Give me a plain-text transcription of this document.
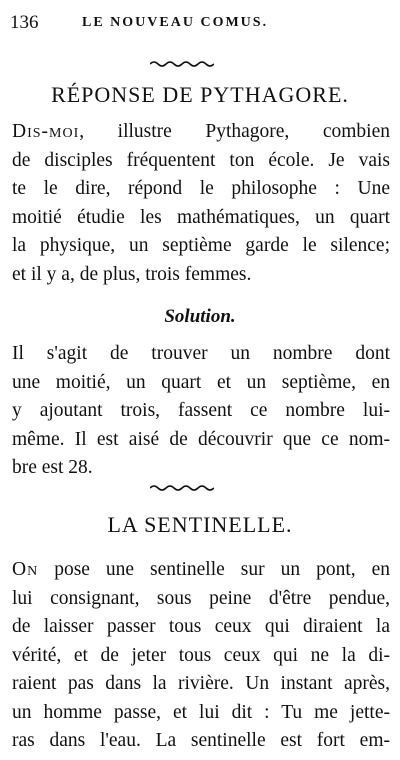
136	LE NOUVEAU COMUS.
RÉPONSE DE PYTHAGORE.
Dis-moi, illustre Pythagore, combien
de disciples fréquentent ton école. Je vais
te le dire, répond le philosophe : Une
moitié étudie les mathématiques, un quart
la physique, un septième garde le silence;
et il y a, de plus, trois femmes.
Solution.
Il s'agit de trouver un nombre dont
une moitié, un quart et un septième, en
y ajoutant trois, fassent ce nombre lui-
même. Il est aisé de découvrir que ce nom-
bre est 28.
LA SENTINELLE.
On pose une sentinelle sur un pont, en
lui consignant, sous peine d'être pendue,
de laisser passer tous ceux qui diraient la
vérité, et de jeter tous ceux qui ne la di-
raient pas dans la rivière. Un instant après,
un homme passe, et lui dit : Tu me jette-
ras dans l'eau. La sentinelle est fort em-
